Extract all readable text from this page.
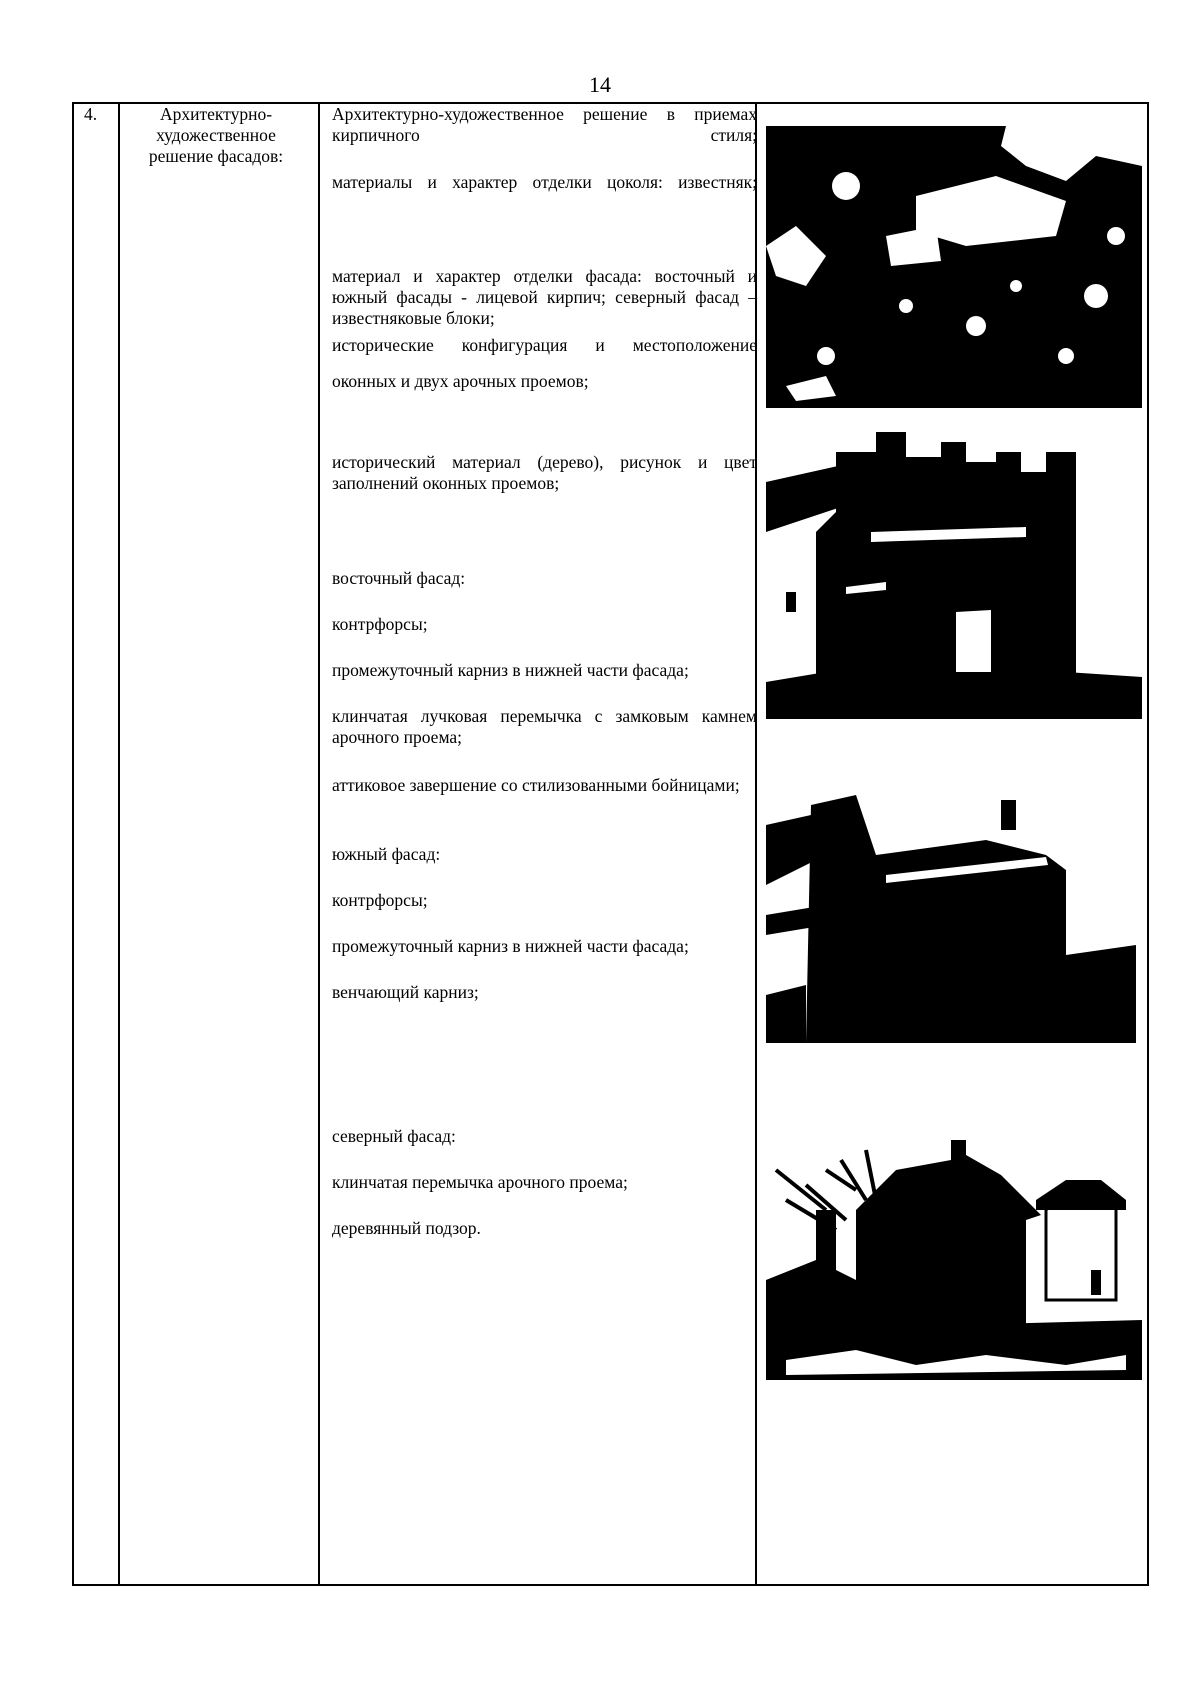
14
4.	Архитектурно-художественное решение фасадов:
Архитектурно-художественное решение в приемах кирпичного стиля;
материалы и характер отделки цоколя: известняк;
материал и характер отделки фасада: восточный и южный фасады - лицевой кирпич; северный фасад – известняковые блоки;
исторические конфигурация и местоположение
оконных и двух арочных проемов;
исторический материал (дерево), рисунок и цвет заполнений оконных проемов;
восточный фасад:
контрфорсы;
промежуточный карниз в нижней части фасада;
клинчатая лучковая перемычка с замковым камнем арочного проема;
аттиковое завершение со стилизованными бойницами;
южный фасад:
контрфорсы;
промежуточный карниз в нижней части фасада;
венчающий карниз;
северный фасад:
клинчатая перемычка арочного проема;
деревянный подзор.
